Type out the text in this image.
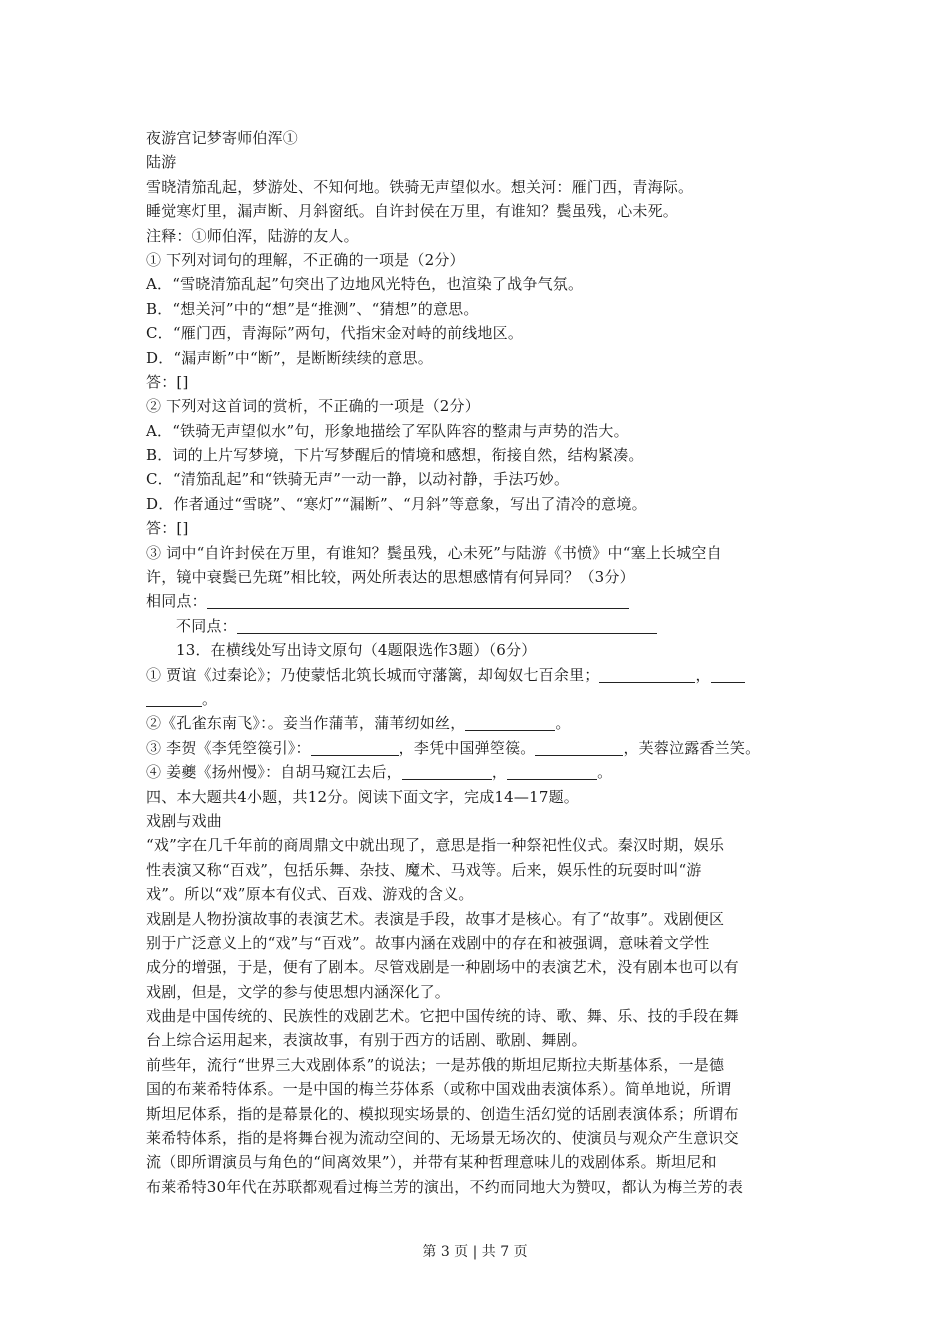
夜游宫记梦寄师伯浑①
陆游
雪晓清笳乱起，梦游处、不知何地。铁骑无声望似水。想关河：雁门西，青海际。
睡觉寒灯里，漏声断、月斜窗纸。自许封侯在万里，有谁知？鬓虽残，心未死。
注释：①师伯浑，陆游的友人。
① 下列对词句的理解，不正确的一项是（2分）
A．“雪晓清笳乱起”句突出了边地风光特色，也渲染了战争气氛。
B．“想关河”中的“想”是“推测”、“猜想”的意思。
C．“雁门西，青海际”两句，代指宋金对峙的前线地区。
D．“漏声断”中“断”，是断断续续的意思。
答：[]
② 下列对这首词的赏析，不正确的一项是（2分）
A．“铁骑无声望似水”句，形象地描绘了军队阵容的整肃与声势的浩大。
B．词的上片写梦境，下片写梦醒后的情境和感想，衔接自然，结构紧凑。
C．“清笳乱起”和“铁骑无声”一动一静，以动衬静，手法巧妙。
D．作者通过“雪晓”、“寒灯”“漏断”、“月斜”等意象，写出了清冷的意境。
答：[]
③ 词中“自许封侯在万里，有谁知？鬓虽残，心未死”与陆游《书愤》中“塞上长城空自
许，镜中衰鬓已先斑”相比较，两处所表达的思想感情有何异同？（3分）
相同点：
不同点：
13．在横线处写出诗文原句（4题限选作3题）（6分）
① 贾谊《过秦论》；乃使蒙恬北筑长城而守藩篱，却匈奴七百余里；	，
。
②《孔雀东南飞》：。妾当作蒲苇，蒲苇纫如丝，	。
③ 李贺《李凭箜篌引》：	，李凭中国弹箜篌。	，芙蓉泣露香兰笑。
④ 姜夔《扬州慢》：自胡马窥江去后，	，	。
四、本大题共4小题，共12分。阅读下面文字，完成14—17题。
戏剧与戏曲
“戏”字在几千年前的商周鼎文中就出现了，意思是指一种祭祀性仪式。秦汉时期，娱乐
性表演又称“百戏”，包括乐舞、杂技、魔术、马戏等。后来，娱乐性的玩耍时叫“游
戏”。所以“戏”原本有仪式、百戏、游戏的含义。
戏剧是人物扮演故事的表演艺术。表演是手段，故事才是核心。有了“故事”。戏剧便区
别于广泛意义上的“戏”与“百戏”。故事内涵在戏剧中的存在和被强调，意味着文学性
成分的增强，于是，便有了剧本。尽管戏剧是一种剧场中的表演艺术，没有剧本也可以有
戏剧，但是，文学的参与使思想内涵深化了。
戏曲是中国传统的、民族性的戏剧艺术。它把中国传统的诗、歌、舞、乐、技的手段在舞
台上综合运用起来，表演故事，有别于西方的话剧、歌剧、舞剧。
前些年，流行“世界三大戏剧体系”的说法；一是苏俄的斯坦尼斯拉夫斯基体系，一是德
国的布莱希特体系。一是中国的梅兰芬体系（或称中国戏曲表演体系）。简单地说，所谓
斯坦尼体系，指的是幕景化的、模拟现实场景的、创造生活幻觉的话剧表演体系；所谓布
莱希特体系，指的是将舞台视为流动空间的、无场景无场次的、使演员与观众产生意识交
流（即所谓演员与角色的“间离效果”），并带有某种哲理意味儿的戏剧体系。斯坦尼和
布莱希特30年代在苏联都观看过梅兰芳的演出，不约而同地大为赞叹，都认为梅兰芳的表
第 3 页 | 共 7 页
